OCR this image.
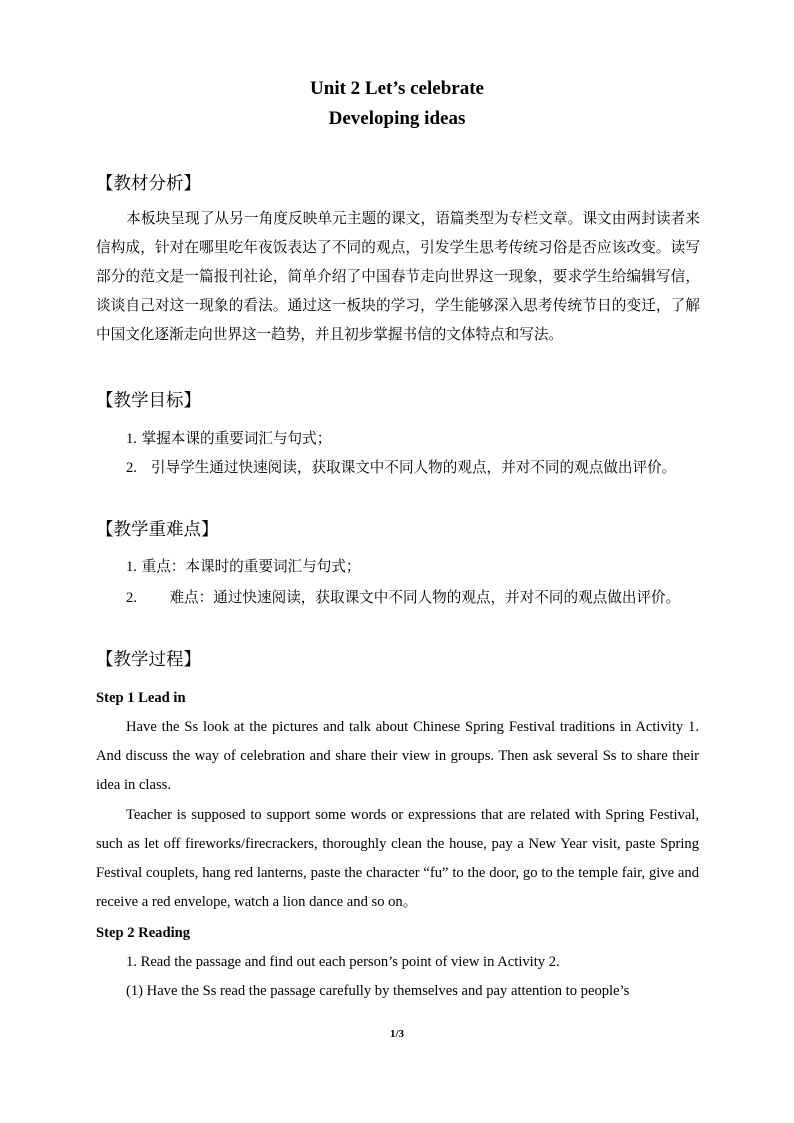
Unit 2 Let’s celebrate
Developing ideas
【教材分析】

本板块呈现了从另一角度反映单元主题的课文，语篇类型为专栏文章。课文由两封读者来信构成，针对在哪里吃年夜饭表达了不同的观点，引发学生思考传统习俗是否应该改变。读写部分的范文是一篇报刊社论，简单介绍了中国春节走向世界这一现象，要求学生给编辑写信，谈谈自己对这一现象的看法。通过这一板块的学习，学生能够深入思考传统节日的变迁，了解中国文化逐渐走向世界这一趋势，并且初步掌握书信的文体特点和写法。

【教学目标】

1. 掌握本课的重要词汇与句式；

2. 引导学生通过快速阅读，获取课文中不同人物的观点，并对不同的观点做出评价。

【教学重难点】

1. 重点：本课时的重要词汇与句式；

2. 难点：通过快速阅读，获取课文中不同人物的观点，并对不同的观点做出评价。

【教学过程】
Step 1 Lead in

Have the Ss look at the pictures and talk about Chinese Spring Festival traditions in Activity 1. And discuss the way of celebration and share their view in groups. Then ask several Ss to share their idea in class.

Teacher is supposed to support some words or expressions that are related with Spring Festival, such as let off fireworks/firecrackers, thoroughly clean the house, pay a New Year visit, paste Spring Festival couplets, hang red lanterns, paste the character “fu” to the door, go to the temple fair, give and receive a red envelope, watch a lion dance and so on。

Step 2 Reading

1. Read the passage and find out each person’s point of view in Activity 2.

(1) Have the Ss read the passage carefully by themselves and pay attention to people’s

1/3
